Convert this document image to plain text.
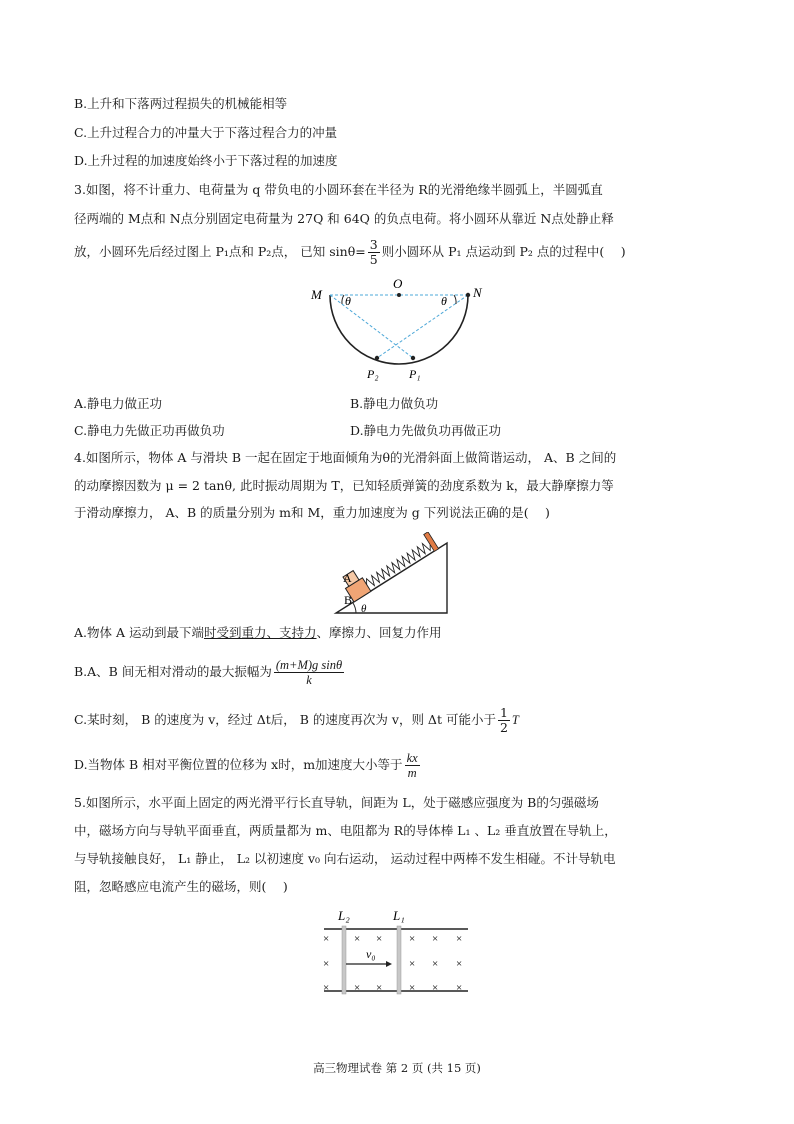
B.上升和下落两过程损失的机械能相等
C.上升过程合力的冲量大于下落过程合力的冲量
D.上升过程的加速度始终小于下落过程的加速度
3.如图，将不计重力、电荷量为 q 带负电的小圆环套在半径为 R的光滑绝缘半圆弧上，半圆弧直
径两端的 M点和 N点分别固定电荷量为 27Q 和 64Q 的负点电荷。将小圆环从靠近 N点处静止释
放，小圆环先后经过图上 P₁点和 P₂点， 已知 $\sin\theta= \frac{3}{5}$ 则小圆环从 P₁ 点运动到 P₂ 点的过程中(　 )
M
O
N
θ	θ
P₂	P₁
A.静电力做正功	B.静电力做负功
C.静电力先做正功再做负功	D.静电力先做负功再做正功
4.如图所示，物体 A 与滑块 B 一起在固定于地面倾角为θ的光滑斜面上做简谐运动， A、B 之间的
的动摩擦因数为 μ = 2 tanθ, 此时振动周期为 T，已知轻质弹簧的劲度系数为 k，最大静摩擦力等
于滑动摩擦力， A、B 的质量分别为 m和 M，重力加速度为 g 下列说法正确的是(　 )
A
B
θ
A.物体 A 运动到最下端时受到重力、支持力、摩擦力、回复力作用
B.A、B 间无相对滑动的最大振幅为 $\frac{\text{(m+M)g sinθ}}{k}$
C.某时刻， B 的速度为 v，经过 Δt后， B 的速度再次为 v，则 Δt 可能小于 $\frac{1}{2}$ T
D.当物体 B 相对平衡位置的位移为 x时，m加速度大小等于 $\frac{kx}{m}$
5.如图所示，水平面上固定的两光滑平行长直导轨，间距为 L，处于磁感应强度为 B的匀强磁场
中，磁场方向与导轨平面垂直，两质量都为 m、电阻都为 R的导体棒 L₁ 、L₂ 垂直放置在导轨上，
与导轨接触良好， L₁ 静止， L₂ 以初速度 v₀ 向右运动， 运动过程中两棒不发生相碰。不计导轨电
阻，忽略感应电流产生的磁场，则(　 )
L₂	L₁
v₀
× × × × × ×
×	× × ×
× × × × × ×
高三物理试卷 第 2 页 (共 15 页)
